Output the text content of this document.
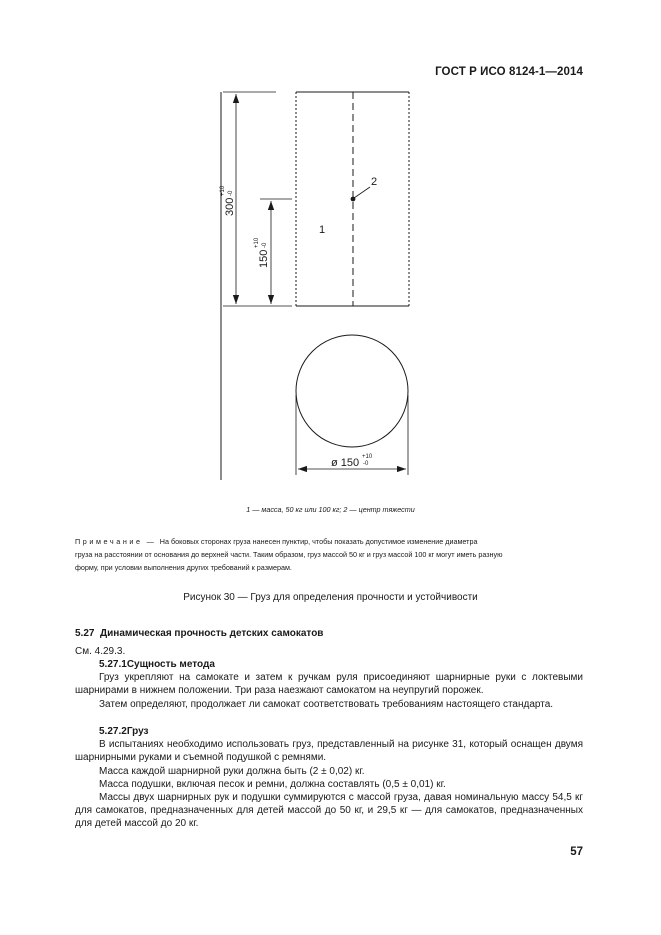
ГОСТ Р ИСО 8124-1—2014
2
1
300
+10 -0
150
+10 -0
ø 150 +10
-0
1 — масса, 50 кг или 100 кг; 2 — центр тяжести
Примечание — На боковых сторонах груза нанесен пунктир, чтобы показать допустимое изменение диаметра
груза на расстоянии от основания до верхней части. Таким образом, груз массой 50 кг и груз массой 100 кг могут иметь разную
форму, при условии выполнения других требований к размерам.
Рисунок 30 — Груз для определения прочности и устойчивости
5.27 Динамическая прочность детских самокатов
См. 4.29.3.
5.27.1Сущность метода
Груз укрепляют на самокате и затем к ручкам руля присоединяют шарнирные руки с локтевыми шарнирами в нижнем положении. Три раза наезжают самокатом на неупругий порожек.
Затем определяют, продолжает ли самокат соответствовать требованиям настоящего стандарта.
5.27.2Груз
В испытаниях необходимо использовать груз, представленный на рисунке 31, который оснащен двумя шарнирными руками и съемной подушкой с ремнями.
Масса каждой шарнирной руки должна быть (2 ± 0,02) кг.
Масса подушки, включая песок и ремни, должна составлять (0,5 ± 0,01) кг.
Массы двух шарнирных рук и подушки суммируются с массой груза, давая номинальную массу 54,5 кг для самокатов, предназначенных для детей массой до 50 кг, и 29,5 кг — для самокатов, предназначенных для детей массой до 20 кг.
57
